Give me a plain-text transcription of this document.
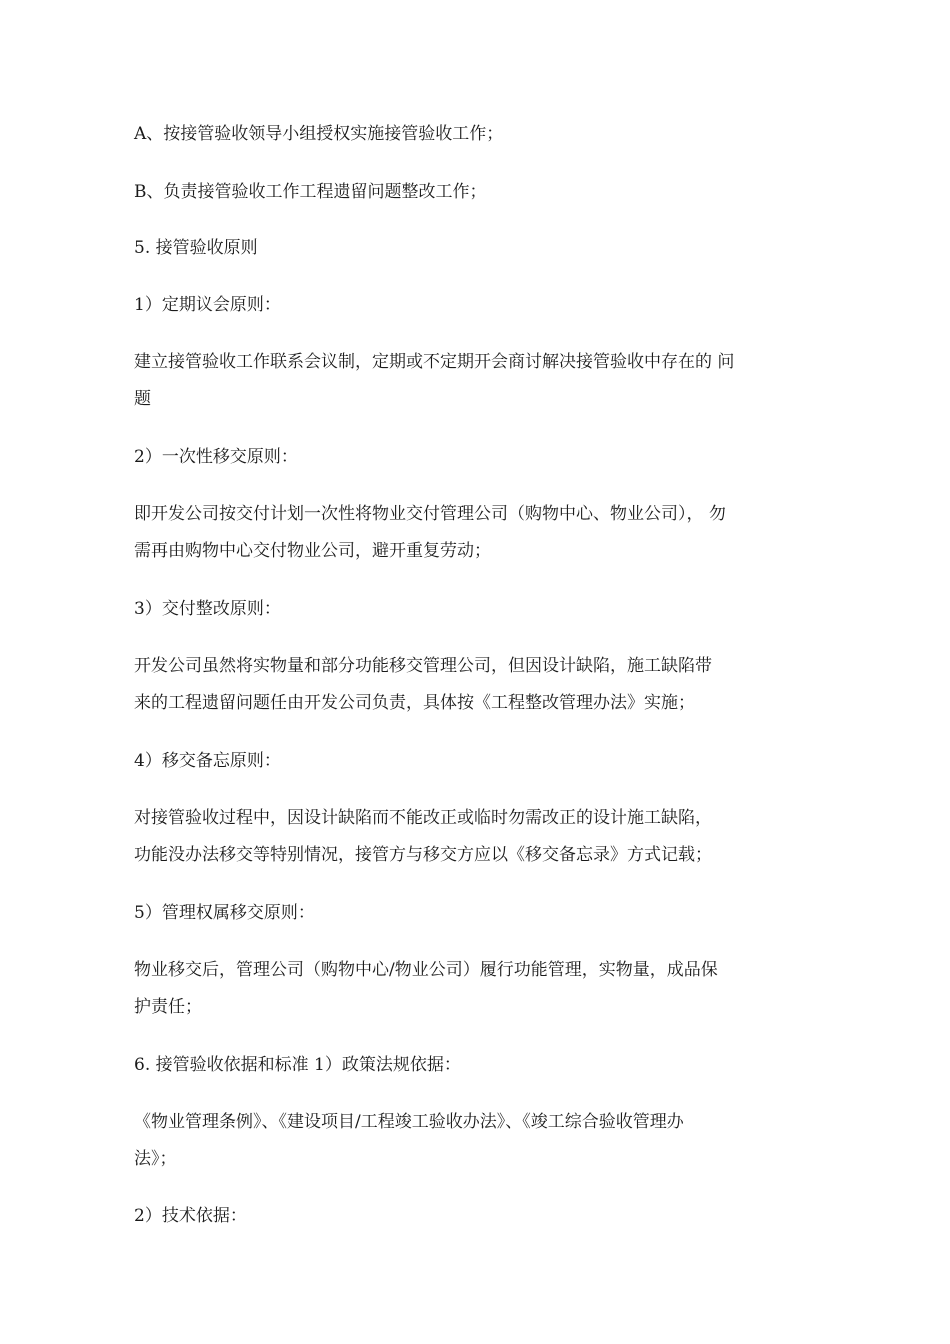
A、按接管验收领导小组授权实施接管验收工作；
B、负责接管验收工作工程遗留问题整改工作；
5. 接管验收原则
1）定期议会原则：
建立接管验收工作联系会议制，定期或不定期开会商讨解决接管验收中存在的 问
题
2）一次性移交原则：
即开发公司按交付计划一次性将物业交付管理公司（购物中心、物业公司）， 勿
需再由购物中心交付物业公司，避开重复劳动；
3）交付整改原则：
开发公司虽然将实物量和部分功能移交管理公司，但因设计缺陷，施工缺陷带
来的工程遗留问题任由开发公司负责，具体按《工程整改管理办法》实施；
4）移交备忘原则：
对接管验收过程中，因设计缺陷而不能改正或临时勿需改正的设计施工缺陷，
功能没办法移交等特别情况，接管方与移交方应以《移交备忘录》方式记载；
5）管理权属移交原则：
物业移交后，管理公司（购物中心/物业公司）履行功能管理，实物量，成品保
护责任；
6. 接管验收依据和标准 1）政策法规依据：
《物业管理条例》、《建设项目/工程竣工验收办法》、《竣工综合验收管理办
法》；
2）技术依据：
